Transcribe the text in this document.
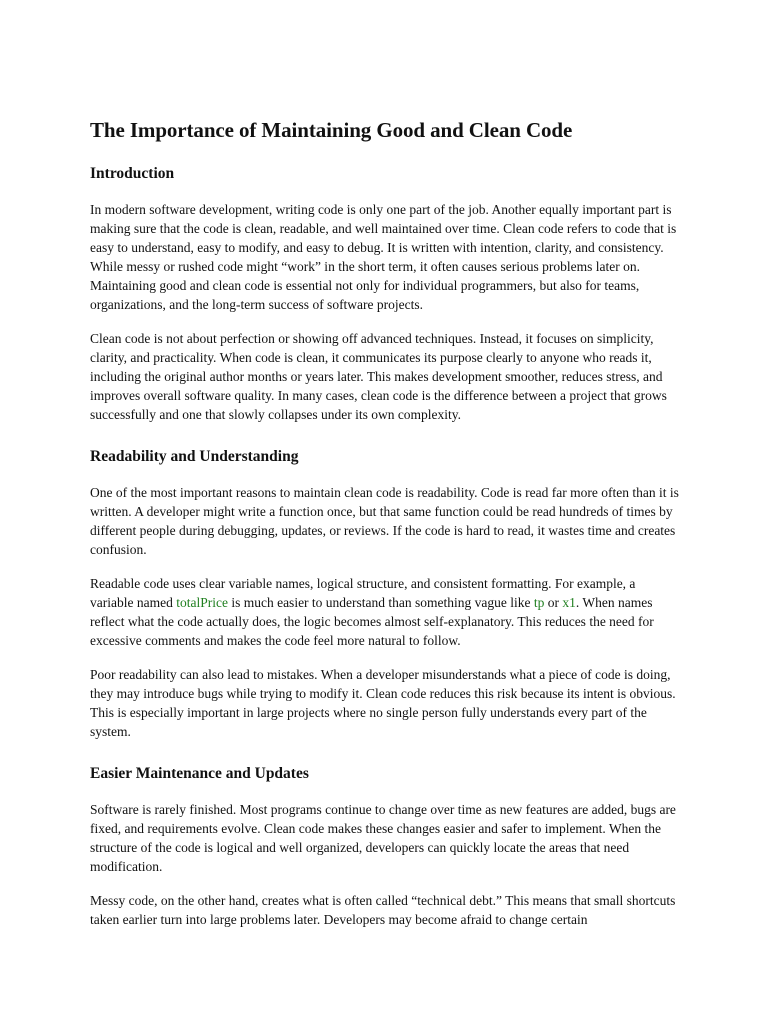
The Importance of Maintaining Good and Clean Code
Introduction

In modern software development, writing code is only one part of the job. Another equally important part is making sure that the code is clean, readable, and well maintained over time. Clean code refers to code that is easy to understand, easy to modify, and easy to debug. It is written with intention, clarity, and consistency. While messy or rushed code might “work” in the short term, it often causes serious problems later on. Maintaining good and clean code is essential not only for individual programmers, but also for teams, organizations, and the long-term success of software projects.

Clean code is not about perfection or showing off advanced techniques. Instead, it focuses on simplicity, clarity, and practicality. When code is clean, it communicates its purpose clearly to anyone who reads it, including the original author months or years later. This makes development smoother, reduces stress, and improves overall software quality. In many cases, clean code is the difference between a project that grows successfully and one that slowly collapses under its own complexity.

Readability and Understanding

One of the most important reasons to maintain clean code is readability. Code is read far more often than it is written. A developer might write a function once, but that same function could be read hundreds of times by different people during debugging, updates, or reviews. If the code is hard to read, it wastes time and creates confusion.

Readable code uses clear variable names, logical structure, and consistent formatting. For example, a variable named totalPrice is much easier to understand than something vague like tp or x1. When names reflect what the code actually does, the logic becomes almost self-explanatory. This reduces the need for excessive comments and makes the code feel more natural to follow.

Poor readability can also lead to mistakes. When a developer misunderstands what a piece of code is doing, they may introduce bugs while trying to modify it. Clean code reduces this risk because its intent is obvious. This is especially important in large projects where no single person fully understands every part of the system.

Easier Maintenance and Updates

Software is rarely finished. Most programs continue to change over time as new features are added, bugs are fixed, and requirements evolve. Clean code makes these changes easier and safer to implement. When the structure of the code is logical and well organized, developers can quickly locate the areas that need modification.

Messy code, on the other hand, creates what is often called “technical debt.” This means that small shortcuts taken earlier turn into large problems later. Developers may become afraid to change certain
